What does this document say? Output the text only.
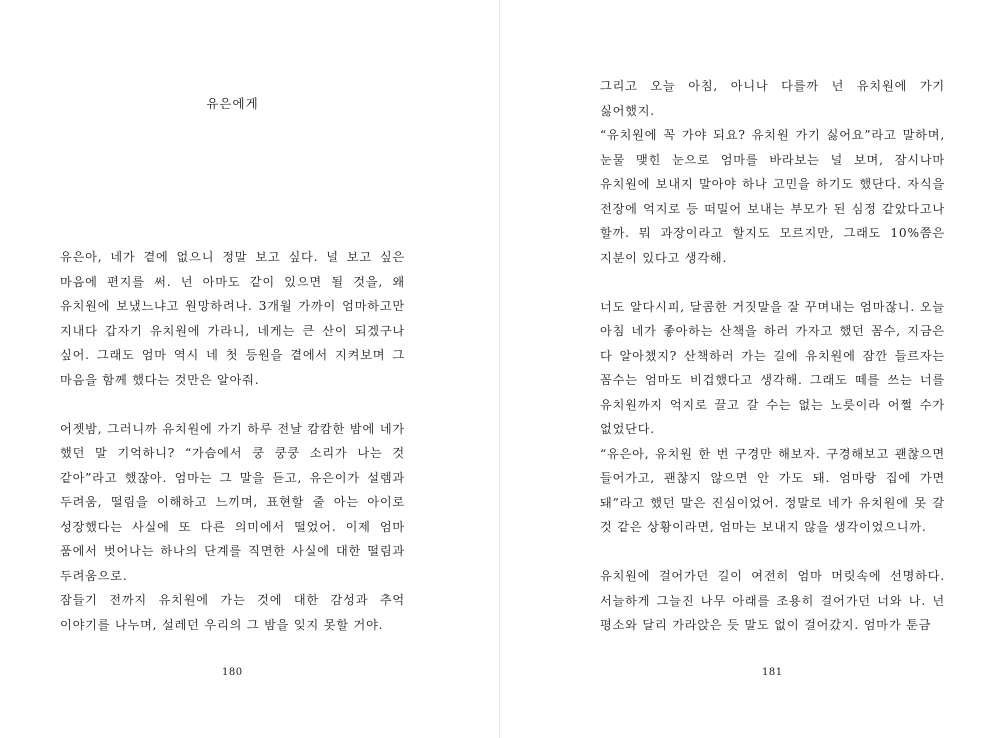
유은에게

유은아, 네가 곁에 없으니 정말 보고 싶다. 널 보고 싶은 마음에 편지를 써. 넌 아마도 같이 있으면 될 것을, 왜 유치원에 보냈느냐고 원망하려나. 3개월 가까이 엄마하고만 지내다 갑자기 유치원에 가라니, 네게는 큰 산이 되겠구나 싶어. 그래도 엄마 역시 네 첫 등원을 곁에서 지켜보며 그 마음을 함께 했다는 것만은 알아줘.

어젯밤, 그러니까 유치원에 가기 하루 전날 캄캄한 밤에 네가 했던 말 기억하니? “가슴에서 쿵 쿵쿵 소리가 나는 것 같아”라고 했잖아. 엄마는 그 말을 듣고, 유은이가 설렘과 두려움, 떨림을 이해하고 느끼며, 표현할 줄 아는 아이로 성장했다는 사실에 또 다른 의미에서 떨었어. 이제 엄마 품에서 벗어나는 하나의 단계를 직면한 사실에 대한 떨림과 두려움으로.

잠들기 전까지 유치원에 가는 것에 대한 감성과 추억 이야기를 나누며, 설레던 우리의 그 밤을 잊지 못할 거야.

180

그리고 오늘 아침, 아니나 다를까 넌 유치원에 가기 싫어했지.

“유치원에 꼭 가야 되요? 유치원 가기 싫어요”라고 말하며, 눈물 맺힌 눈으로 엄마를 바라보는 널 보며, 잠시나마 유치원에 보내지 말아야 하나 고민을 하기도 했단다. 자식을 전장에 억지로 등 떠밀어 보내는 부모가 된 심정 같았다고나 할까. 뭐 과장이라고 할지도 모르지만, 그래도 10%쯤은 지분이 있다고 생각해.

너도 알다시피, 달콤한 거짓말을 잘 꾸며내는 엄마잖니. 오늘 아침 네가 좋아하는 산책을 하러 가자고 했던 꼼수, 지금은 다 알아챘지? 산책하러 가는 길에 유치원에 잠깐 들르자는 꼼수는 엄마도 비겁했다고 생각해. 그래도 떼를 쓰는 너를 유치원까지 억지로 끌고 갈 수는 없는 노릇이라 어쩔 수가 없었단다.

“유은아, 유치원 한 번 구경만 해보자. 구경해보고 괜찮으면 들어가고, 괜찮지 않으면 안 가도 돼. 엄마랑 집에 가면 돼”라고 했던 말은 진심이었어. 정말로 네가 유치원에 못 갈 것 같은 상황이라면, 엄마는 보내지 않을 생각이었으니까.

유치원에 걸어가던 길이 여전히 엄마 머릿속에 선명하다. 서늘하게 그늘진 나무 아래를 조용히 걸어가던 너와 나. 넌 평소와 달리 가라앉은 듯 말도 없이 걸어갔지. 엄마가 툰금

181
